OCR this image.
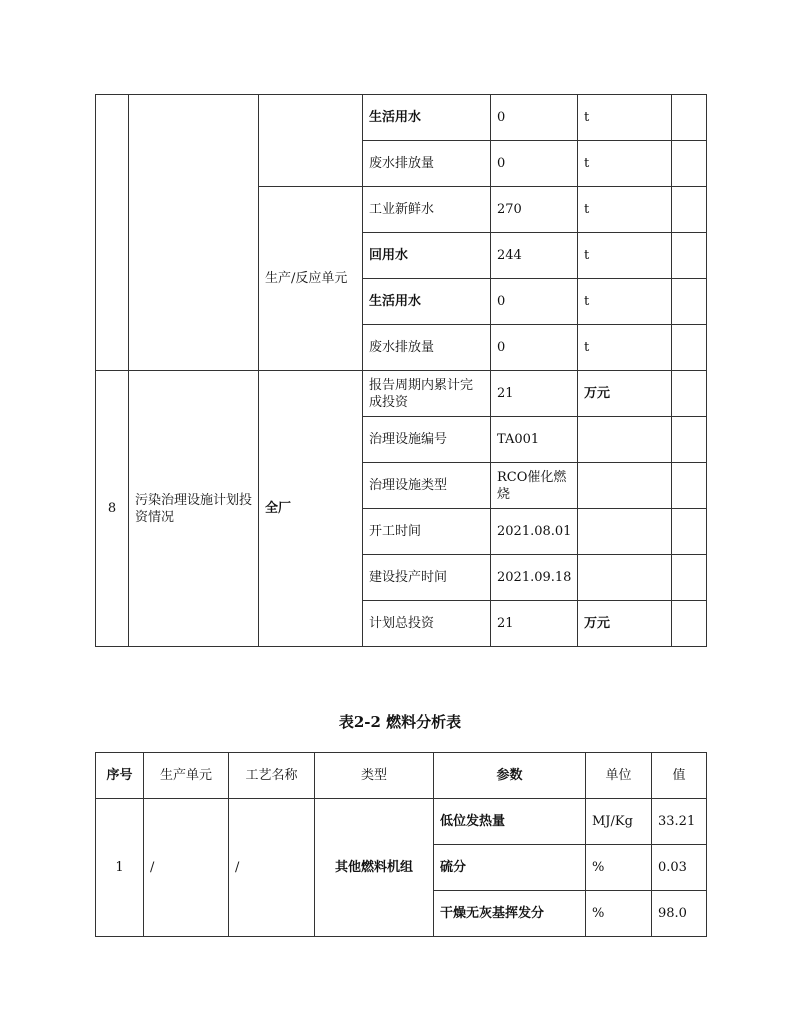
			生活用水	0	t	
			废水排放量	0	t	
		生产/反应单元	工业新鲜水	270	t	
			回用水	244	t	
			生活用水	0	t	
			废水排放量	0	t	
8	污染治理设施计划投资情况	全厂	报告周期内累计完成投资	21	万元	
			治理设施编号	TA001		
			治理设施类型	RCO催化燃烧		
			开工时间	2021.08.01		
			建设投产时间	2021.09.18		
			计划总投资	21	万元	
表2-2 燃料分析表
序号	生产单元	工艺名称	类型	参数	单位	值
1	/	/	其他燃料机组	低位发热量	MJ/Kg	33.21
				硫分	%	0.03
				干燥无灰基挥发分	%	98.0
